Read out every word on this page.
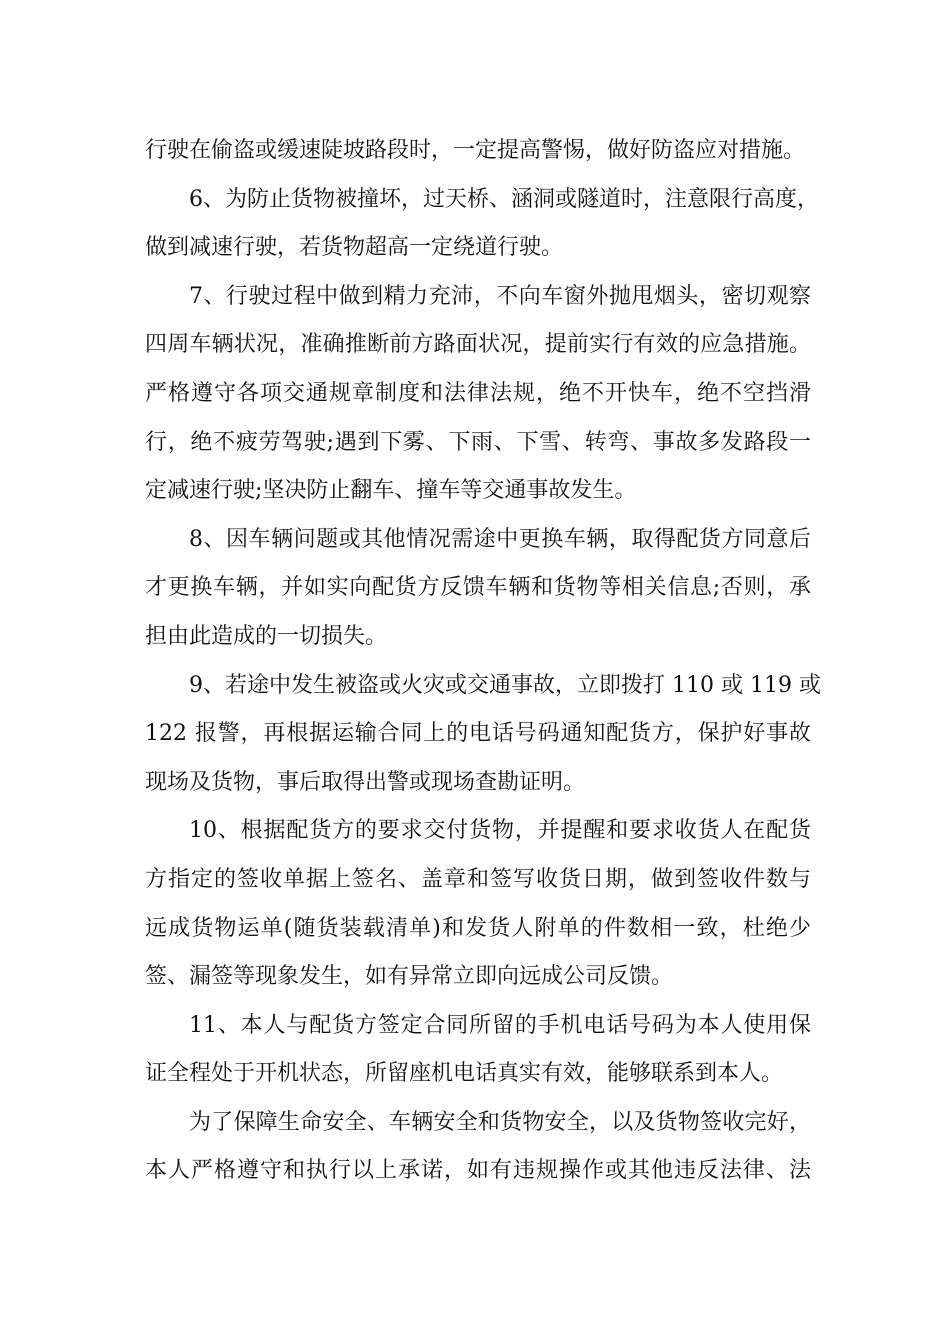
行驶在偷盗或缓速陡坡路段时，一定提高警惕，做好防盗应对措施。
6、为防止货物被撞坏，过天桥、涵洞或隧道时，注意限行高度，
做到减速行驶，若货物超高一定绕道行驶。
7、行驶过程中做到精力充沛，不向车窗外抛甩烟头，密切观察
四周车辆状况，准确推断前方路面状况，提前实行有效的应急措施。
严格遵守各项交通规章制度和法律法规，绝不开快车，绝不空挡滑
行，绝不疲劳驾驶;遇到下雾、下雨、下雪、转弯、事故多发路段一
定减速行驶;坚决防止翻车、撞车等交通事故发生。
8、因车辆问题或其他情况需途中更换车辆，取得配货方同意后
才更换车辆，并如实向配货方反馈车辆和货物等相关信息;否则，承
担由此造成的一切损失。
9、若途中发生被盗或火灾或交通事故，立即拨打 110 或 119 或
122 报警，再根据运输合同上的电话号码通知配货方，保护好事故
现场及货物，事后取得出警或现场查勘证明。
10、根据配货方的要求交付货物，并提醒和要求收货人在配货
方指定的签收单据上签名、盖章和签写收货日期，做到签收件数与
远成货物运单(随货装载清单)和发货人附单的件数相一致，杜绝少
签、漏签等现象发生，如有异常立即向远成公司反馈。
11、本人与配货方签定合同所留的手机电话号码为本人使用保
证全程处于开机状态，所留座机电话真实有效，能够联系到本人。
为了保障生命安全、车辆安全和货物安全，以及货物签收完好，
本人严格遵守和执行以上承诺，如有违规操作或其他违反法律、法
